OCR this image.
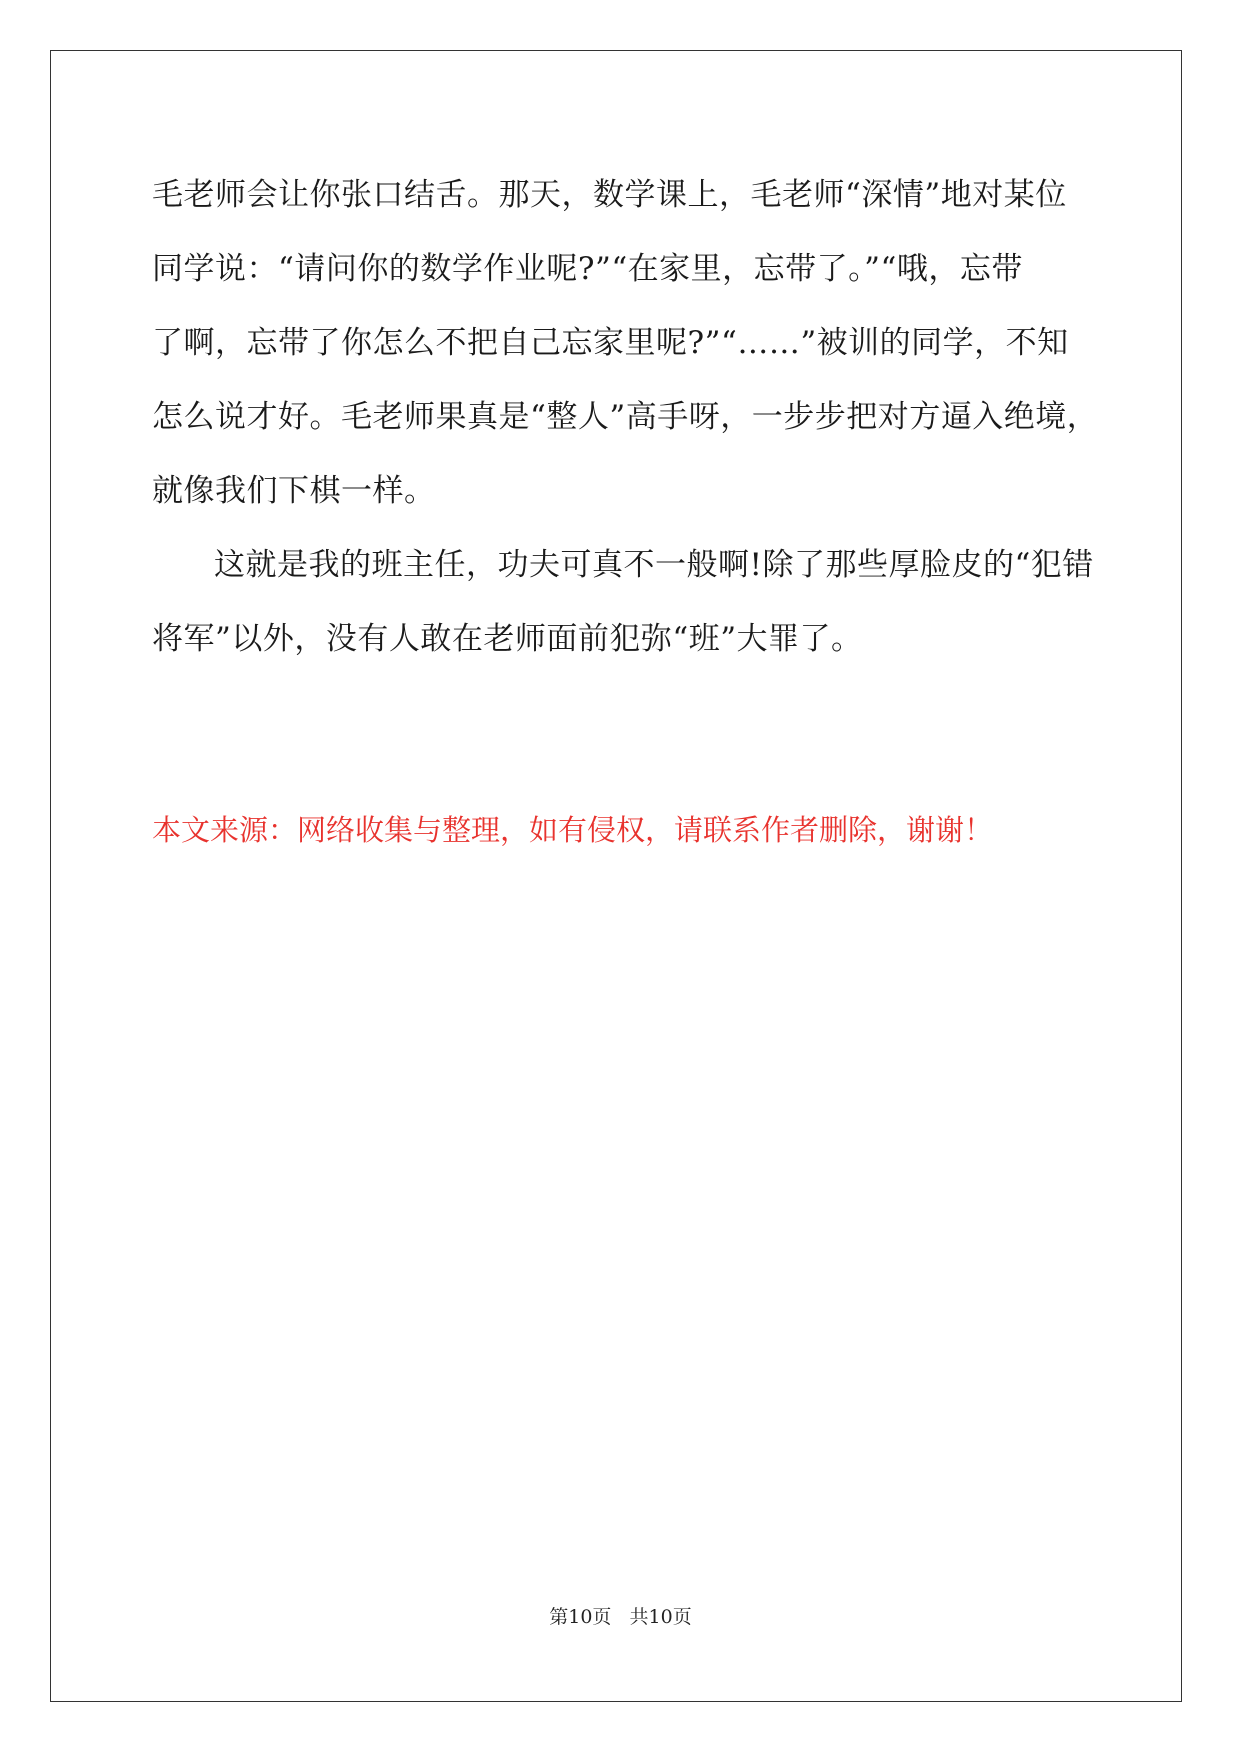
毛老师会让你张口结舌。那天，数学课上，毛老师“深情”地对某位
同学说：“请问你的数学作业呢?”“在家里，忘带了。”“哦，忘带
了啊，忘带了你怎么不把自己忘家里呢?”“……”被训的同学，不知
怎么说才好。毛老师果真是“整人”高手呀，一步步把对方逼入绝境，
就像我们下棋一样。
这就是我的班主任，功夫可真不一般啊!除了那些厚脸皮的“犯错
将军”以外，没有人敢在老师面前犯弥“班”大罪了。
本文来源：网络收集与整理，如有侵权，请联系作者删除，谢谢！
第10页   共10页
